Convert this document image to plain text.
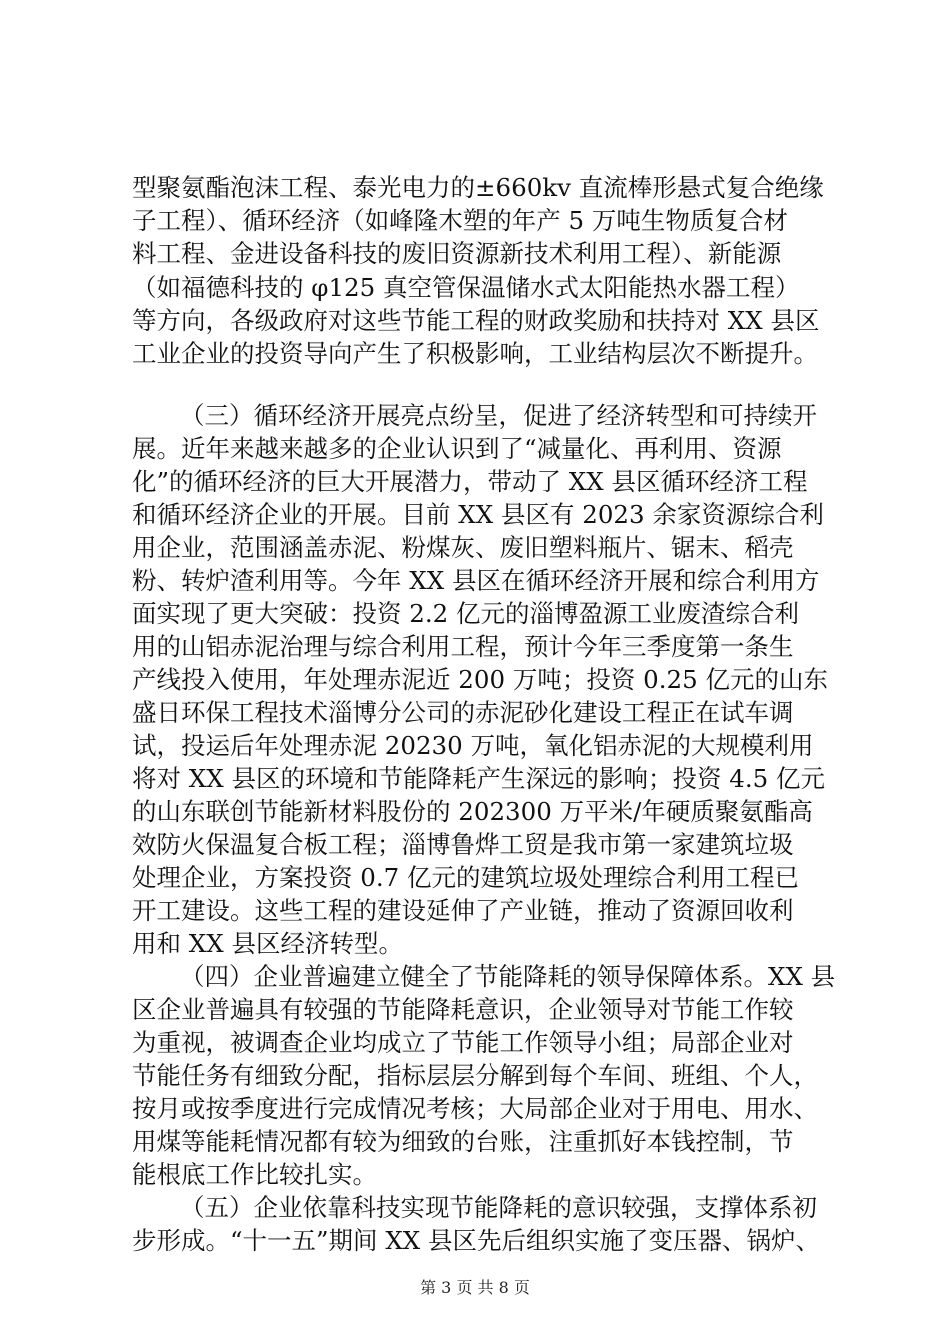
型聚氨酯泡沫工程、泰光电力的±660kv 直流棒形悬式复合绝缘
子工程）、循环经济（如峰隆木塑的年产 5 万吨生物质复合材
料工程、金进设备科技的废旧资源新技术利用工程）、新能源
（如福德科技的 φ125 真空管保温储水式太阳能热水器工程）
等方向，各级政府对这些节能工程的财政奖励和扶持对 XX 县区
工业企业的投资导向产生了积极影响，工业结构层次不断提升。
（三）循环经济开展亮点纷呈，促进了经济转型和可持续开
展。近年来越来越多的企业认识到了“减量化、再利用、资源
化”的循环经济的巨大开展潜力，带动了 XX 县区循环经济工程
和循环经济企业的开展。目前 XX 县区有 2023 余家资源综合利
用企业，范围涵盖赤泥、粉煤灰、废旧塑料瓶片、锯末、稻壳
粉、转炉渣利用等。今年 XX 县区在循环经济开展和综合利用方
面实现了更大突破：投资 2.2 亿元的淄博盈源工业废渣综合利
用的山铝赤泥治理与综合利用工程，预计今年三季度第一条生
产线投入使用，年处理赤泥近 200 万吨；投资 0.25 亿元的山东
盛日环保工程技术淄博分公司的赤泥砂化建设工程正在试车调
试，投运后年处理赤泥 20230 万吨，氧化铝赤泥的大规模利用
将对 XX 县区的环境和节能降耗产生深远的影响；投资 4.5 亿元
的山东联创节能新材料股份的 202300 万平米/年硬质聚氨酯高
效防火保温复合板工程；淄博鲁烨工贸是我市第一家建筑垃圾
处理企业，方案投资 0.7 亿元的建筑垃圾处理综合利用工程已
开工建设。这些工程的建设延伸了产业链，推动了资源回收利
用和 XX 县区经济转型。
（四）企业普遍建立健全了节能降耗的领导保障体系。XX 县
区企业普遍具有较强的节能降耗意识，企业领导对节能工作较
为重视，被调查企业均成立了节能工作领导小组；局部企业对
节能任务有细致分配，指标层层分解到每个车间、班组、个人，
按月或按季度进行完成情况考核；大局部企业对于用电、用水、
用煤等能耗情况都有较为细致的台账，注重抓好本钱控制，节
能根底工作比较扎实。
（五）企业依靠科技实现节能降耗的意识较强，支撑体系初
步形成。“十一五”期间 XX 县区先后组织实施了变压器、锅炉、
第 3 页 共 8 页
